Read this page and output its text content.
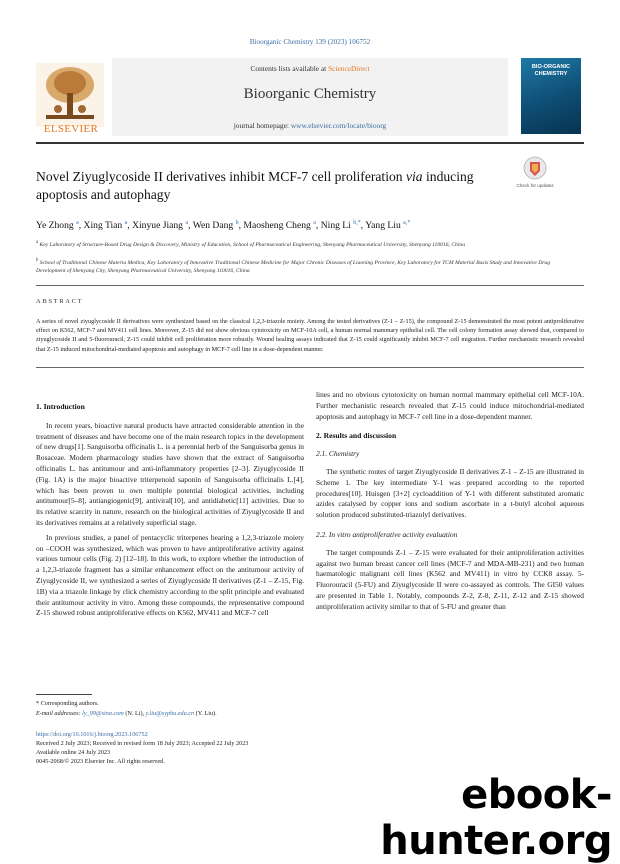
Bioorganic Chemistry 139 (2023) 106752
Contents lists available at ScienceDirect
Bioorganic Chemistry
journal homepage: www.elsevier.com/locate/bioorg
ELSEVIER
BIO-ORGANIC CHEMISTRY
Novel Ziyuglycoside II derivatives inhibit MCF-7 cell proliferation via inducing apoptosis and autophagy
Check for updates
Ye Zhong $^a$, Xing Tian $^a$, Xinyue Jiang $^a$, Wen Dang $^b$, Maosheng Cheng $^a$, Ning Li $^{b,*}$, Yang Liu $^{a,*}$
$^a$ Key Laboratory of Structure-Based Drug Design & Discovery, Ministry of Education, School of Pharmaceutical Engineering, Shenyang Pharmaceutical University, Shenyang 110016, China
$^b$ School of Traditional Chinese Materia Medica, Key Laboratory of Innovative Traditional Chinese Medicine for Major Chronic Diseases of Liaoning Province, Key Laboratory for TCM Material Basis Study and Innovative Drug Development of Shenyang City, Shenyang Pharmaceutical University, Shenyang 110016, China
ABSTRACT
A series of novel ziyuglycoside II derivatives were synthesized based on the classical 1,2,3-triazole moiety. Among the tested derivatives (Z-1 – Z-15), the compound Z-15 demonstrated the most potent antiproliferative effect on K562, MCF-7 and MV411 cell lines. Moreover, Z-15 did not show obvious cytotoxicity on MCF-10A cell, a human normal mammary epithelial cell. The cell colony formation assay showed that, compared to ziyuglycoside II and 5-fluorouracil, Z-15 could inhibit cell proliferation more robustly. Wound healing assays indicated that Z-15 could significantly inhibit MCF-7 cell migration. Further mechanistic research revealed that Z-15 induced mitochondrial-mediated apoptosis and autophagy in MCF-7 cell line in a dose-dependent manner.
1. Introduction

In recent years, bioactive natural products have attracted considerable attention in the treatment of diseases and have become one of the main research topics in the development of new drugs[1]. Sanguisorba officinalis L. is a perennial herb of the Sanguisorba genus in Rosaceae. Modern pharmacology studies have shown that the extract of Sanguisorba officinalis L. has antitumour and anti-inflammatory properties [2–3]. Ziyuglycoside II (Fig. 1A) is the major bioactive triterpenoid saponin of Sanguisorba officinalis L.[4], which has been proven to own multiple potential biological activities, including antitumour[5–8], antiangiogenic[9], antiviral[10], and antidiabetic[11] activities. Due to its relative scarcity in nature, research on the biological activities of Ziyuglycoside II and its derivatives remains at a relatively superficial stage.

In previous studies, a panel of pentacyclic triterpenes bearing a 1,2,3-triazole moiety on –COOH was synthesized, which was proven to have antiproliferative activity against various tumour cells (Fig. 2) [12–18]. In this work, to explore whether the introduction of a 1,2,3-triazole fragment has a similar enhancement effect on the antitumour activity of Ziyuglycoside II, we synthesized a series of Ziyuglycoside II derivatives (Z-1 – Z-15, Fig. 1B) via a triazole linkage by click chemistry according to the split principle and evaluated their antitumour activity in vitro. Among these compounds, the representative compound Z-15 showed robust antiproliferative effects on K562, MV411 and MCF-7 cell

lines and no obvious cytotoxicity on human normal mammary epithelial cell MCF-10A. Further mechanistic research revealed that Z-15 could induce mitochondrial-mediated apoptosis and autophagy in MCF-7 cell line in a dose-dependent manner.

2. Results and discussion
2.1. Chemistry

The synthetic routes of target Ziyuglycoside II derivatives Z-1 – Z-15 are illustrated in Scheme 1. The key intermediate Y-1 was prepared according to the reported procedures[10]. Huisgen [3+2] cycloaddition of Y-1 with different substituted aromatic azides catalysed by copper ions and sodium ascorbate in a t-butyl alcohol aqueous solution produced substituted-triazolyl derivatives.

2.2. In vitro antiproliferative activity evaluation

The target compounds Z-1 – Z-15 were evaluated for their antiproliferation activities against two human breast cancer cell lines (MCF-7 and MDA-MB-231) and two human haematologic malignant cell lines (K562 and MV411) in vitro by CCK8 assay. 5-Fluorouracil (5-FU) and Ziyuglycoside II were co-assayed as controls. The GI50 values are presented in Table 1. Notably, compounds Z-2, Z-8, Z-11, Z-12 and Z-15 showed antiproliferation activity similar to that of 5-FU and greater than

* Corresponding authors.
E-mail addresses: ly_99@sina.com (N. Li), y.liu@syphu.edu.cn (Y. Liu).
https://doi.org/10.1016/j.bioorg.2023.106752
Received 2 July 2023; Received in revised form 18 July 2023; Accepted 22 July 2023
Available online 24 July 2023
0045-2068/© 2023 Elsevier Inc. All rights reserved.
ebook-hunter.org
